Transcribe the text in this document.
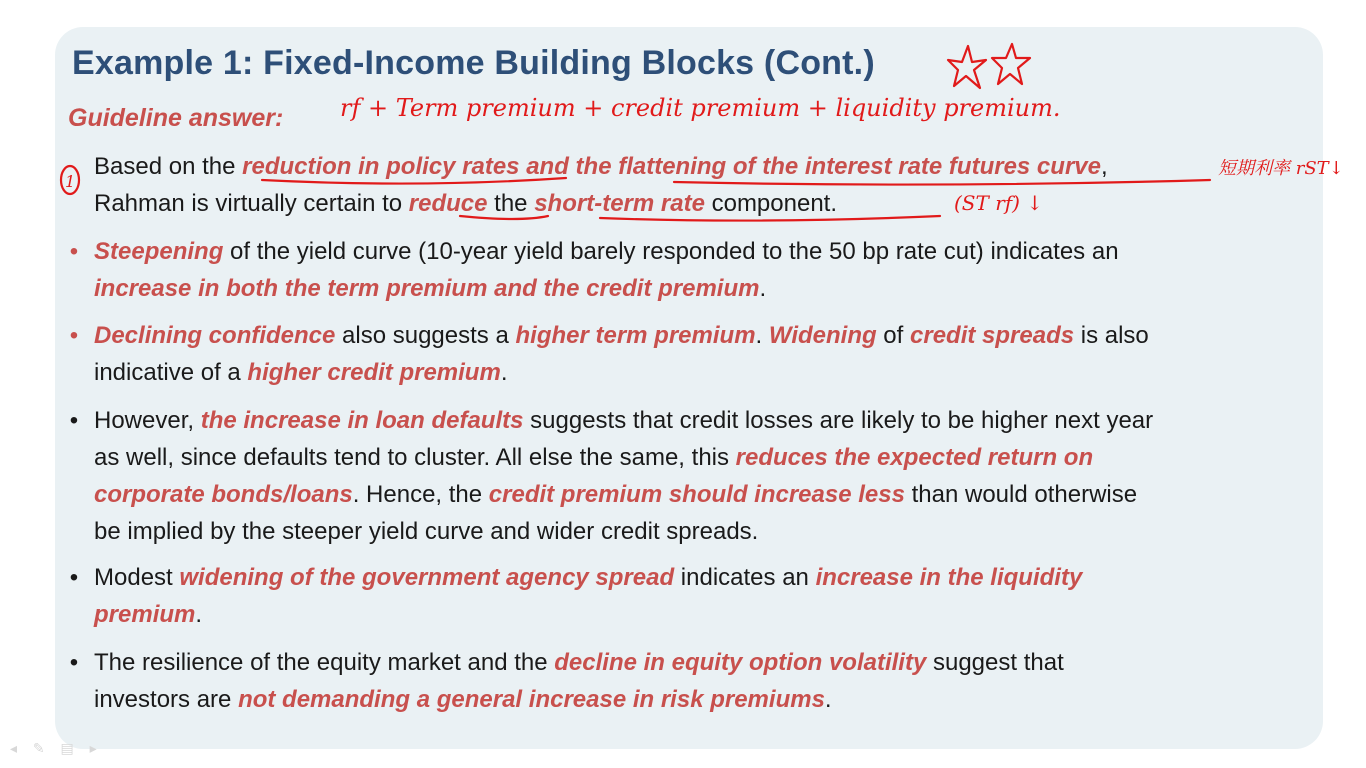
Example 1: Fixed-Income Building Blocks (Cont.)
Guideline answer:
Based on the reduction in policy rates and the flattening of the interest rate futures curve,
Rahman is virtually certain to reduce the short-term rate component.
• Steepening of the yield curve (10-year yield barely responded to the 50 bp rate cut) indicates an
increase in both the term premium and the credit premium.
• Declining confidence also suggests a higher term premium. Widening of credit spreads is also
indicative of a higher credit premium.
• However, the increase in loan defaults suggests that credit losses are likely to be higher next year
as well, since defaults tend to cluster. All else the same, this reduces the expected return on
corporate bonds/loans. Hence, the credit premium should increase less than would otherwise
be implied by the steeper yield curve and wider credit spreads.
• Modest widening of the government agency spread indicates an increase in the liquidity
premium.
• The resilience of the equity market and the decline in equity option volatility suggest that
investors are not demanding a general increase in risk premiums.
rf + Term premium + credit premium + liquidity premium.
1
短期利率 rST↓
(ST rf) ↓
◂ ✎ ▤ ▸
